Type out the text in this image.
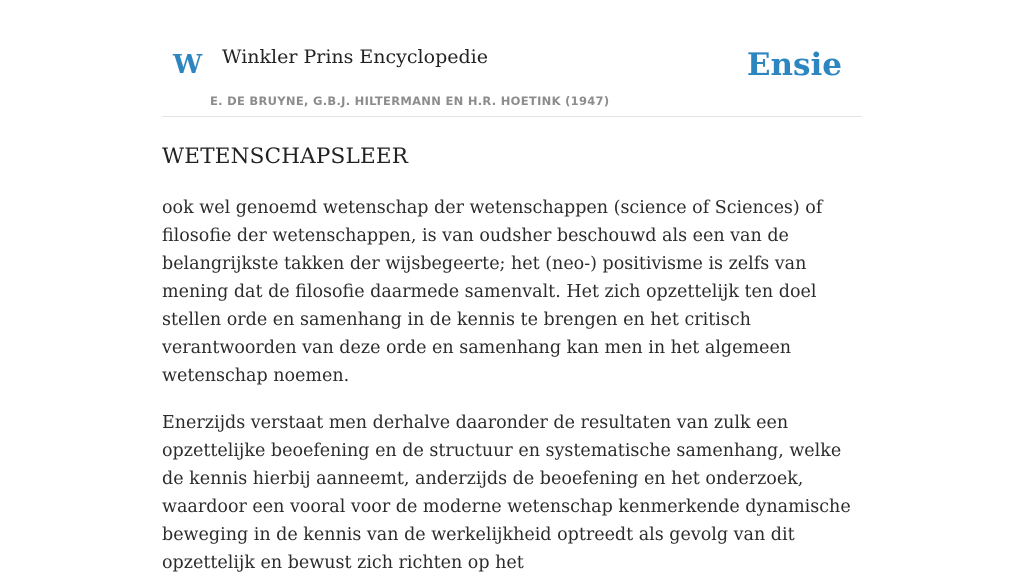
W Winkler Prins Encyclopedie
E. DE BRUYNE, G.B.J. HILTERMANN EN H.R. HOETINK (1947)
Ensie
WETENSCHAPSLEER

ook wel genoemd wetenschap der wetenschappen (science of Sciences) of filosofie der wetenschappen, is van oudsher beschouwd als een van de belangrijkste takken der wijsbegeerte; het (neo-) positivisme is zelfs van mening dat de filosofie daarmede samenvalt. Het zich opzettelijk ten doel stellen orde en samenhang in de kennis te brengen en het critisch verantwoorden van deze orde en samenhang kan men in het algemeen wetenschap noemen.

Enerzijds verstaat men derhalve daaronder de resultaten van zulk een opzettelijke beoefening en de structuur en systematische samenhang, welke de kennis hierbij aanneemt, anderzijds de beoefening en het onderzoek, waardoor een vooral voor de moderne wetenschap kenmerkende dynamische beweging in de kennis van de werkelijkheid optreedt als gevolg van dit opzettelijk en bewust zich richten op het
